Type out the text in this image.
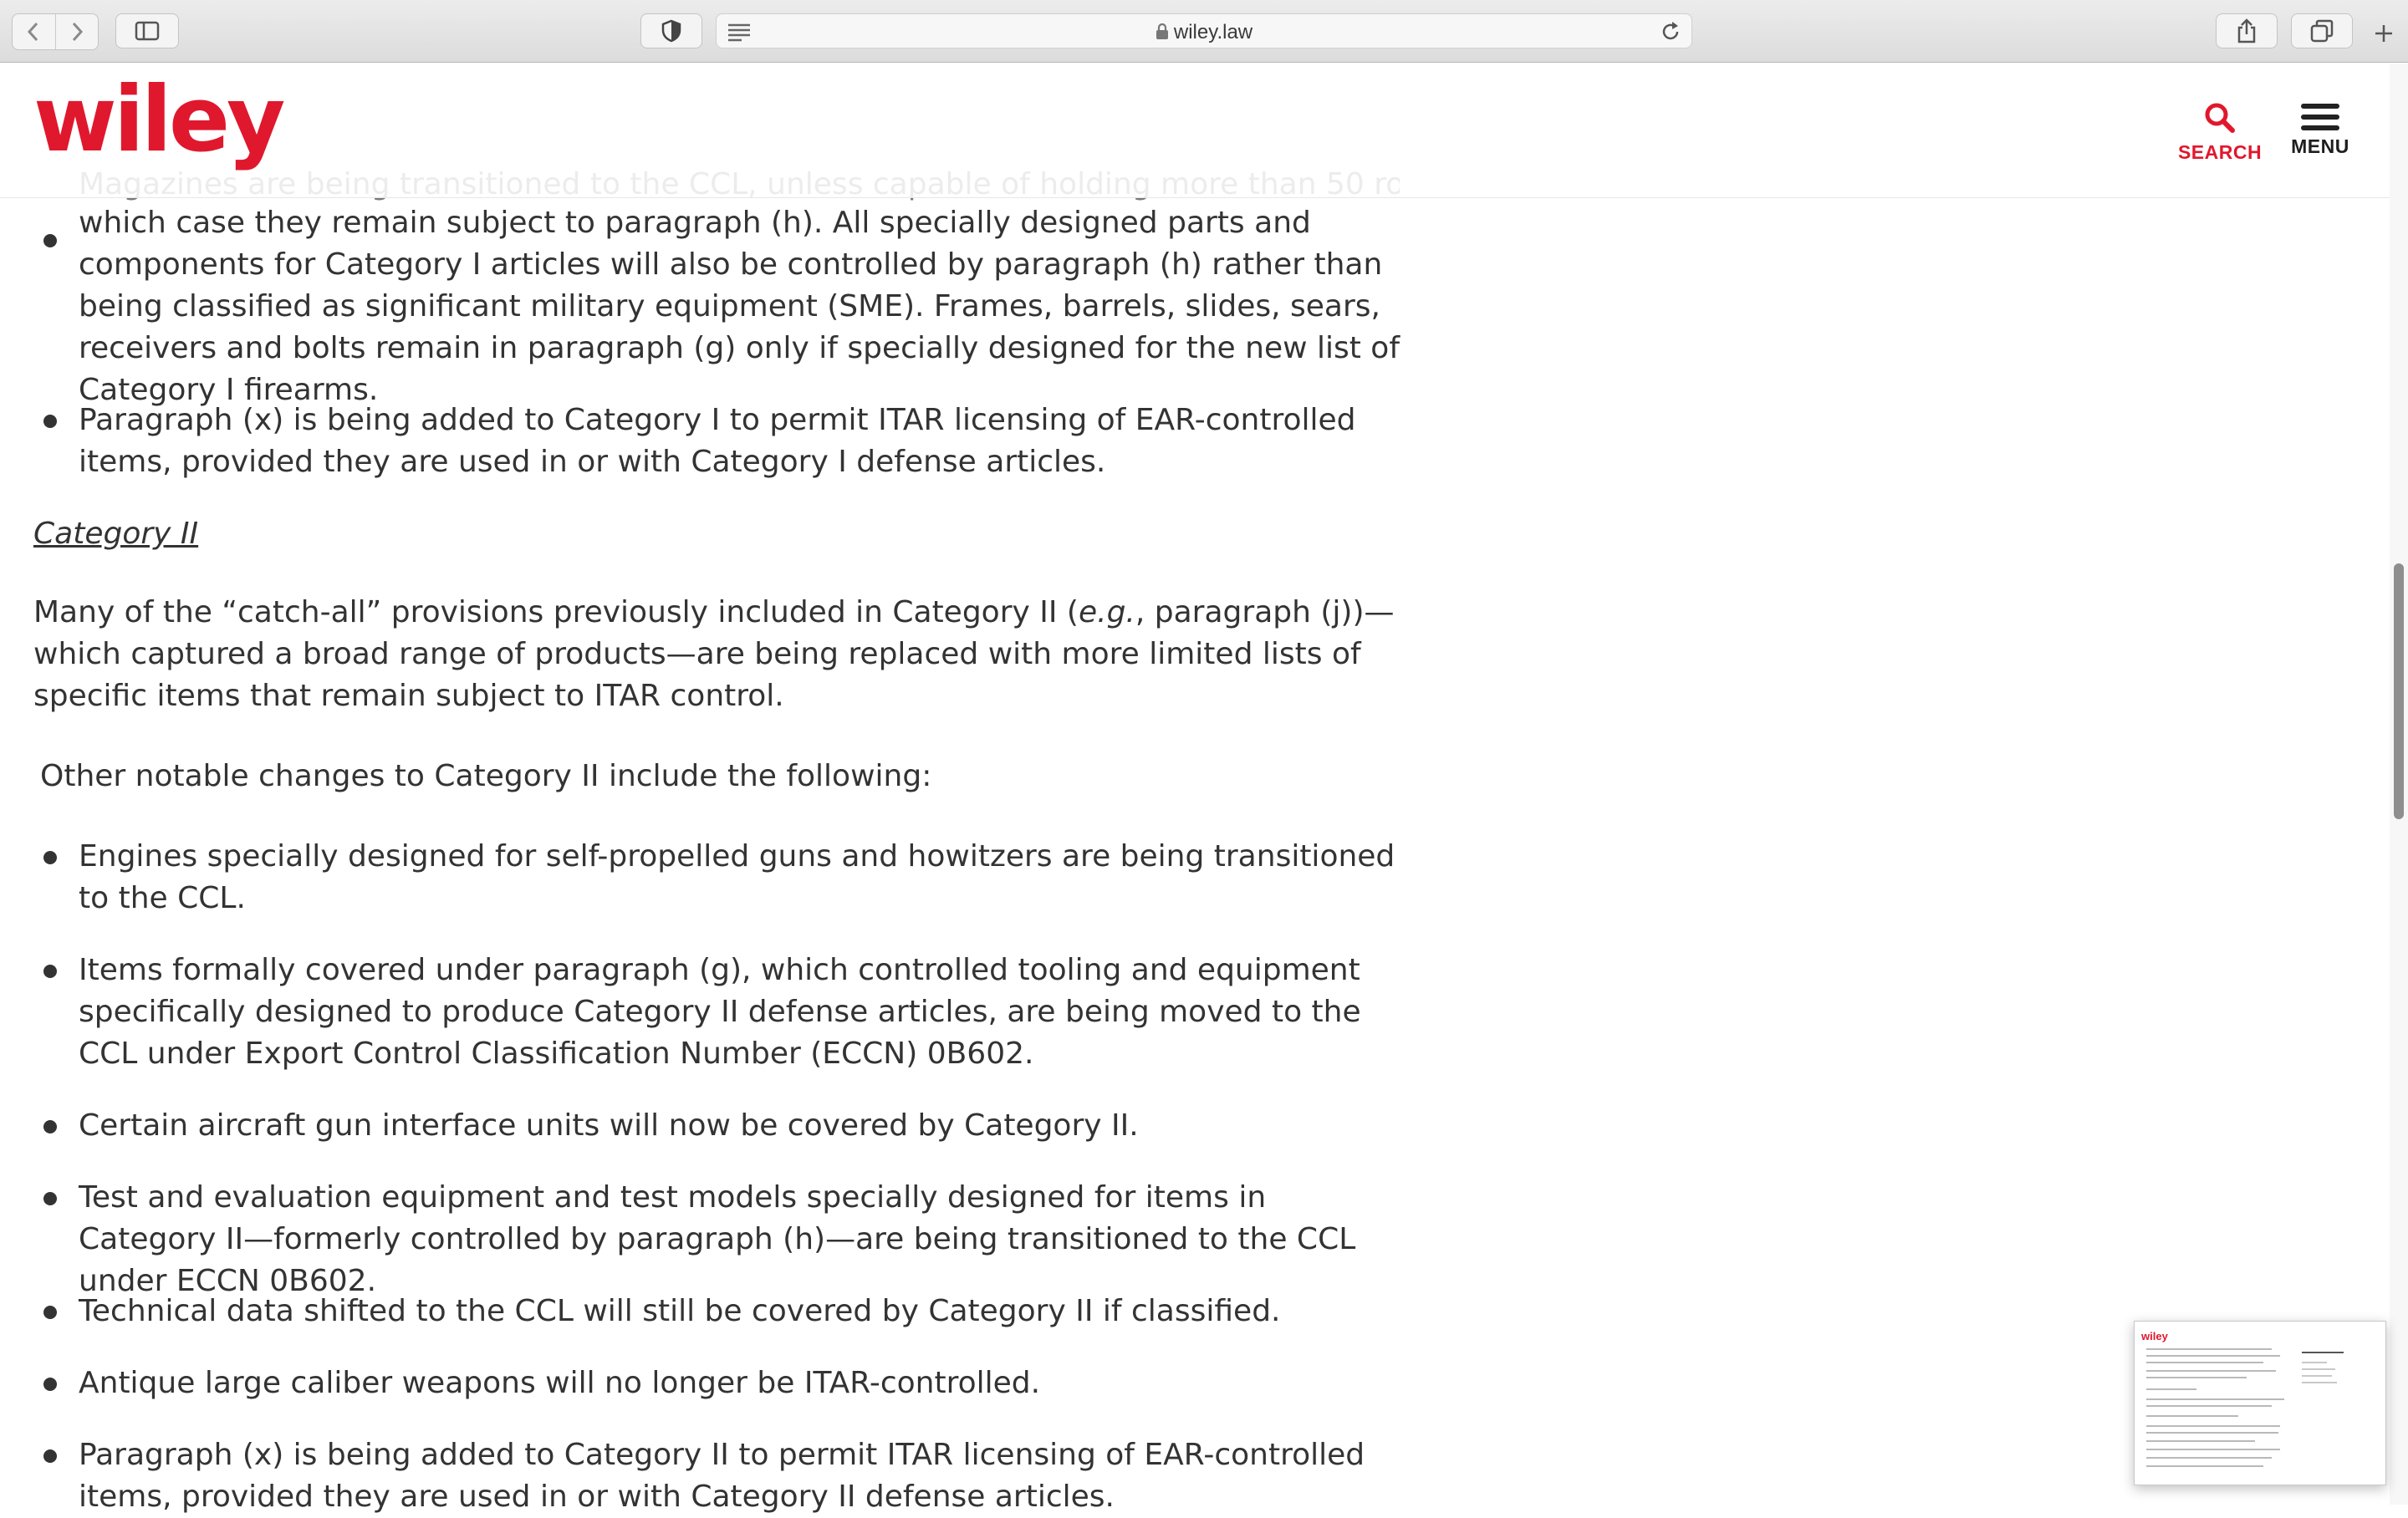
which case they remain subject to paragraph (h). All specially designed parts and components for Category I articles will also be controlled by paragraph (h) rather than being classified as significant military equipment (SME). Frames, barrels, slides, sears, receivers and bolts remain in paragraph (g) only if specially designed for the new list of Category I firearms.
Paragraph (x) is being added to Category I to permit ITAR licensing of EAR-controlled items, provided they are used in or with Category I defense articles.
Category II
Many of the “catch-all” provisions previously included in Category II (e.g., paragraph (j))—which captured a broad range of products—are being replaced with more limited lists of specific items that remain subject to ITAR control.
Other notable changes to Category II include the following:
Engines specially designed for self-propelled guns and howitzers are being transitioned to the CCL.
Items formally covered under paragraph (g), which controlled tooling and equipment specifically designed to produce Category II defense articles, are being moved to the CCL under Export Control Classification Number (ECCN) 0B602.
Certain aircraft gun interface units will now be covered by Category II.
Test and evaluation equipment and test models specially designed for items in Category II—formerly controlled by paragraph (h)—are being transitioned to the CCL under ECCN 0B602.
Technical data shifted to the CCL will still be covered by Category II if classified.
Antique large caliber weapons will no longer be ITAR-controlled.
Paragraph (x) is being added to Category II to permit ITAR licensing of EAR-controlled items, provided they are used in or with Category II defense articles.
wiley	SEARCH	MENU
wiley.law
wiley
